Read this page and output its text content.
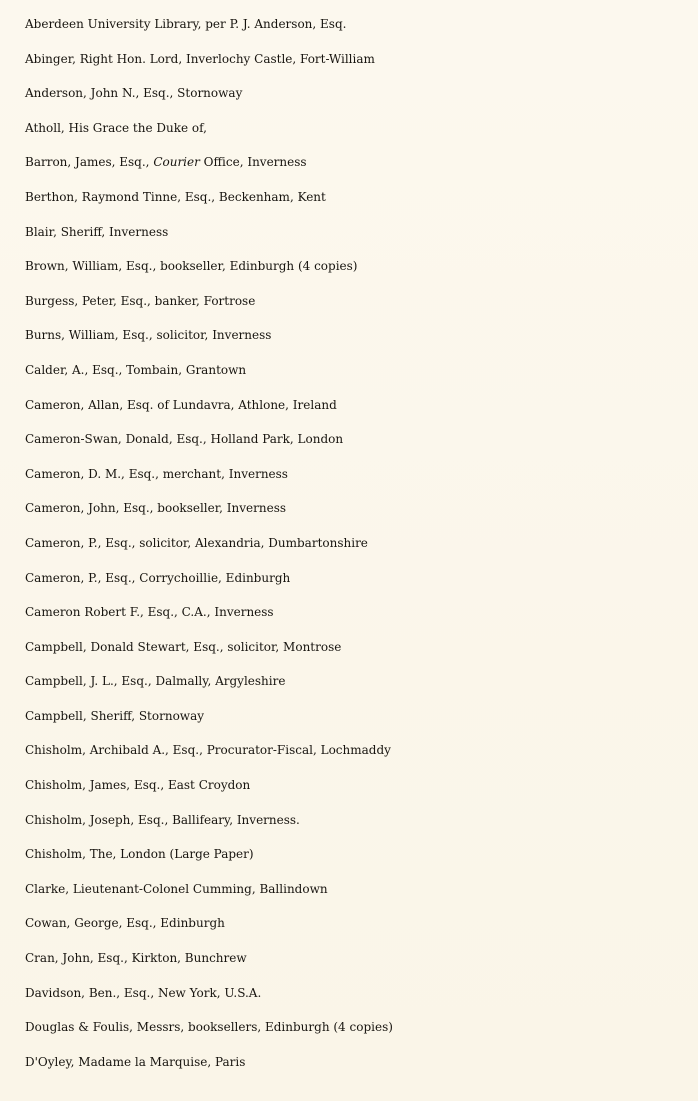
Aberdeen University Library, per P. J. Anderson, Esq.
Abinger, Right Hon. Lord, Inverlochy Castle, Fort-William
Anderson, John N., Esq., Stornoway
Atholl, His Grace the Duke of,
Barron, James, Esq., Courier Office, Inverness
Berthon, Raymond Tinne, Esq., Beckenham, Kent
Blair, Sheriff, Inverness
Brown, William, Esq., bookseller, Edinburgh (4 copies)
Burgess, Peter, Esq., banker, Fortrose
Burns, William, Esq., solicitor, Inverness
Calder, A., Esq., Tombain, Grantown
Cameron, Allan, Esq. of Lundavra, Athlone, Ireland
Cameron-Swan, Donald, Esq., Holland Park, London
Cameron, D. M., Esq., merchant, Inverness
Cameron, John, Esq., bookseller, Inverness
Cameron, P., Esq., solicitor, Alexandria, Dumbartonshire
Cameron, P., Esq., Corrychoillie, Edinburgh
Cameron Robert F., Esq., C.A., Inverness
Campbell, Donald Stewart, Esq., solicitor, Montrose
Campbell, J. L., Esq., Dalmally, Argyleshire
Campbell, Sheriff, Stornoway
Chisholm, Archibald A., Esq., Procurator-Fiscal, Lochmaddy
Chisholm, James, Esq., East Croydon
Chisholm, Joseph, Esq., Ballifeary, Inverness.
Chisholm, The, London (Large Paper)
Clarke, Lieutenant-Colonel Cumming, Ballindown
Cowan, George, Esq., Edinburgh
Cran, John, Esq., Kirkton, Bunchrew
Davidson, Ben., Esq., New York, U.S.A.
Douglas & Foulis, Messrs, booksellers, Edinburgh (4 copies)
D'Oyley, Madame la Marquise, Paris
